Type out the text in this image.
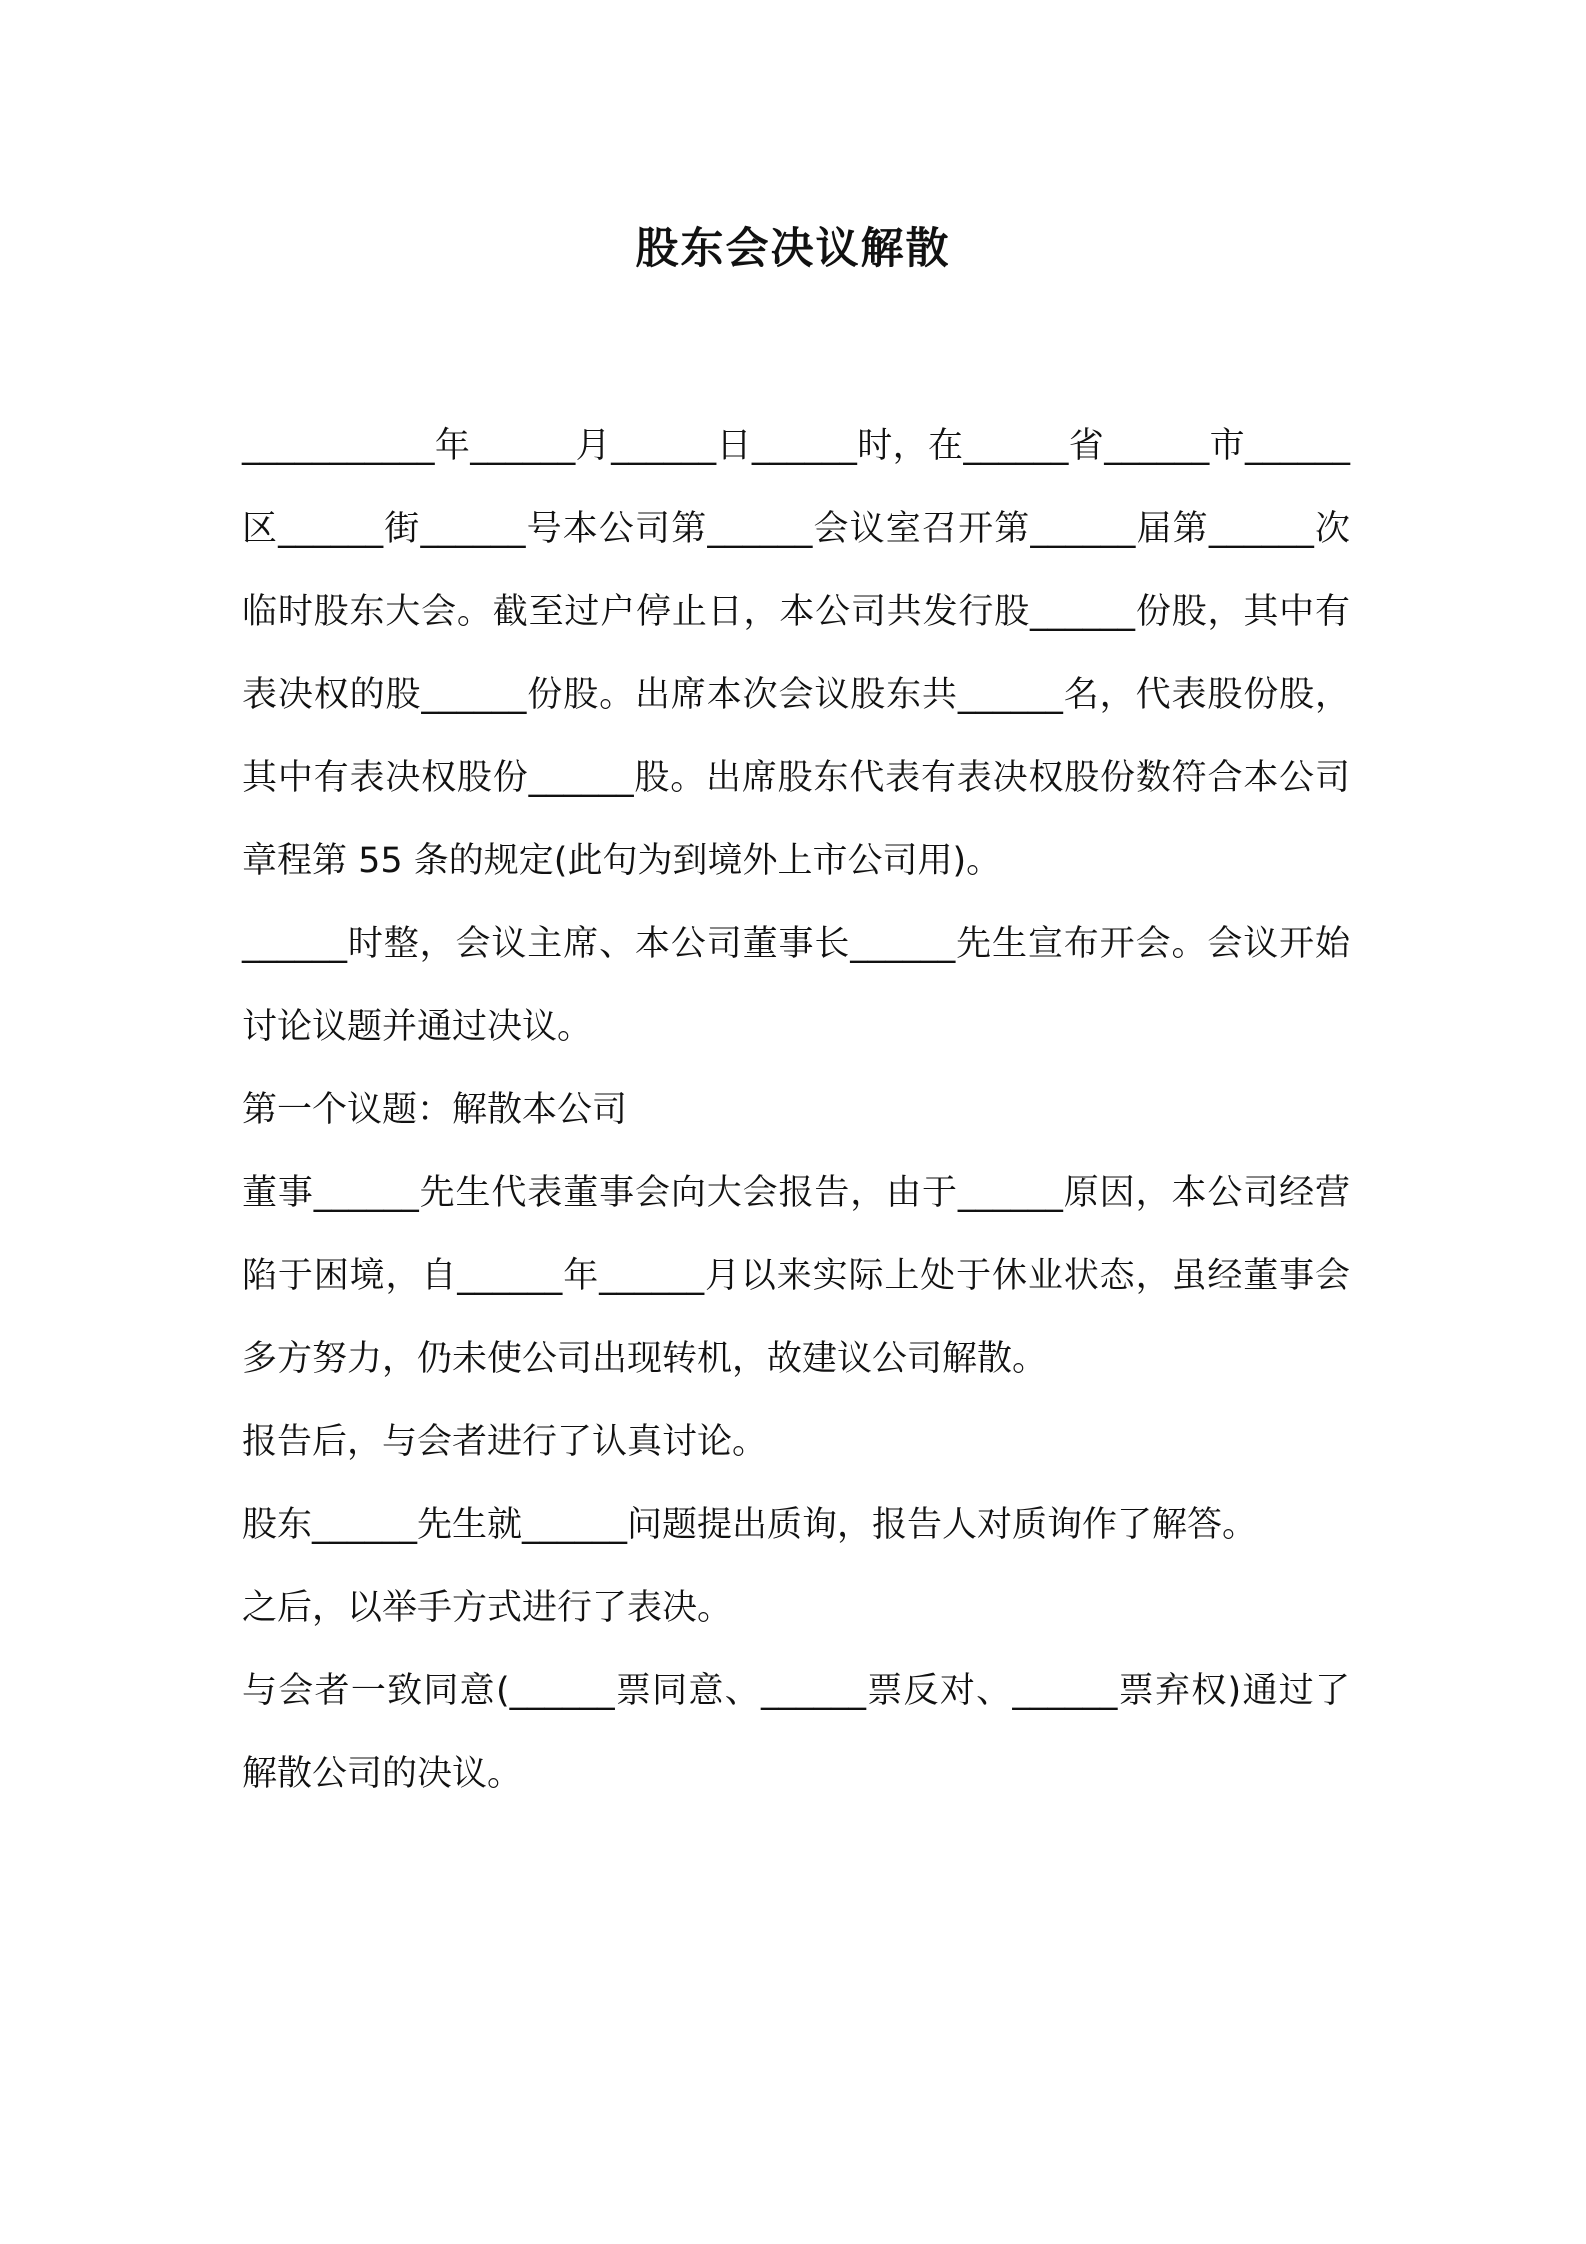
股东会决议解散

___________年______月______日______时，在______省______市______区______街______号本公司第______会议室召开第______届第______次临时股东大会。截至过户停止日，本公司共发行股______份股，其中有表决权的股______份股。出席本次会议股东共______名，代表股份股，其中有表决权股份______股。出席股东代表有表决权股份数符合本公司章程第 55 条的规定(此句为到境外上市公司用)。

______时整，会议主席、本公司董事长______先生宣布开会。会议开始讨论议题并通过决议。

第一个议题：解散本公司

董事______先生代表董事会向大会报告，由于______原因，本公司经营陷于困境，自______年______月以来实际上处于休业状态，虽经董事会多方努力，仍未使公司出现转机，故建议公司解散。

报告后，与会者进行了认真讨论。

股东______先生就______问题提出质询，报告人对质询作了解答。

之后，以举手方式进行了表决。

与会者一致同意(______票同意、______票反对、______票弃权)通过了解散公司的决议。
